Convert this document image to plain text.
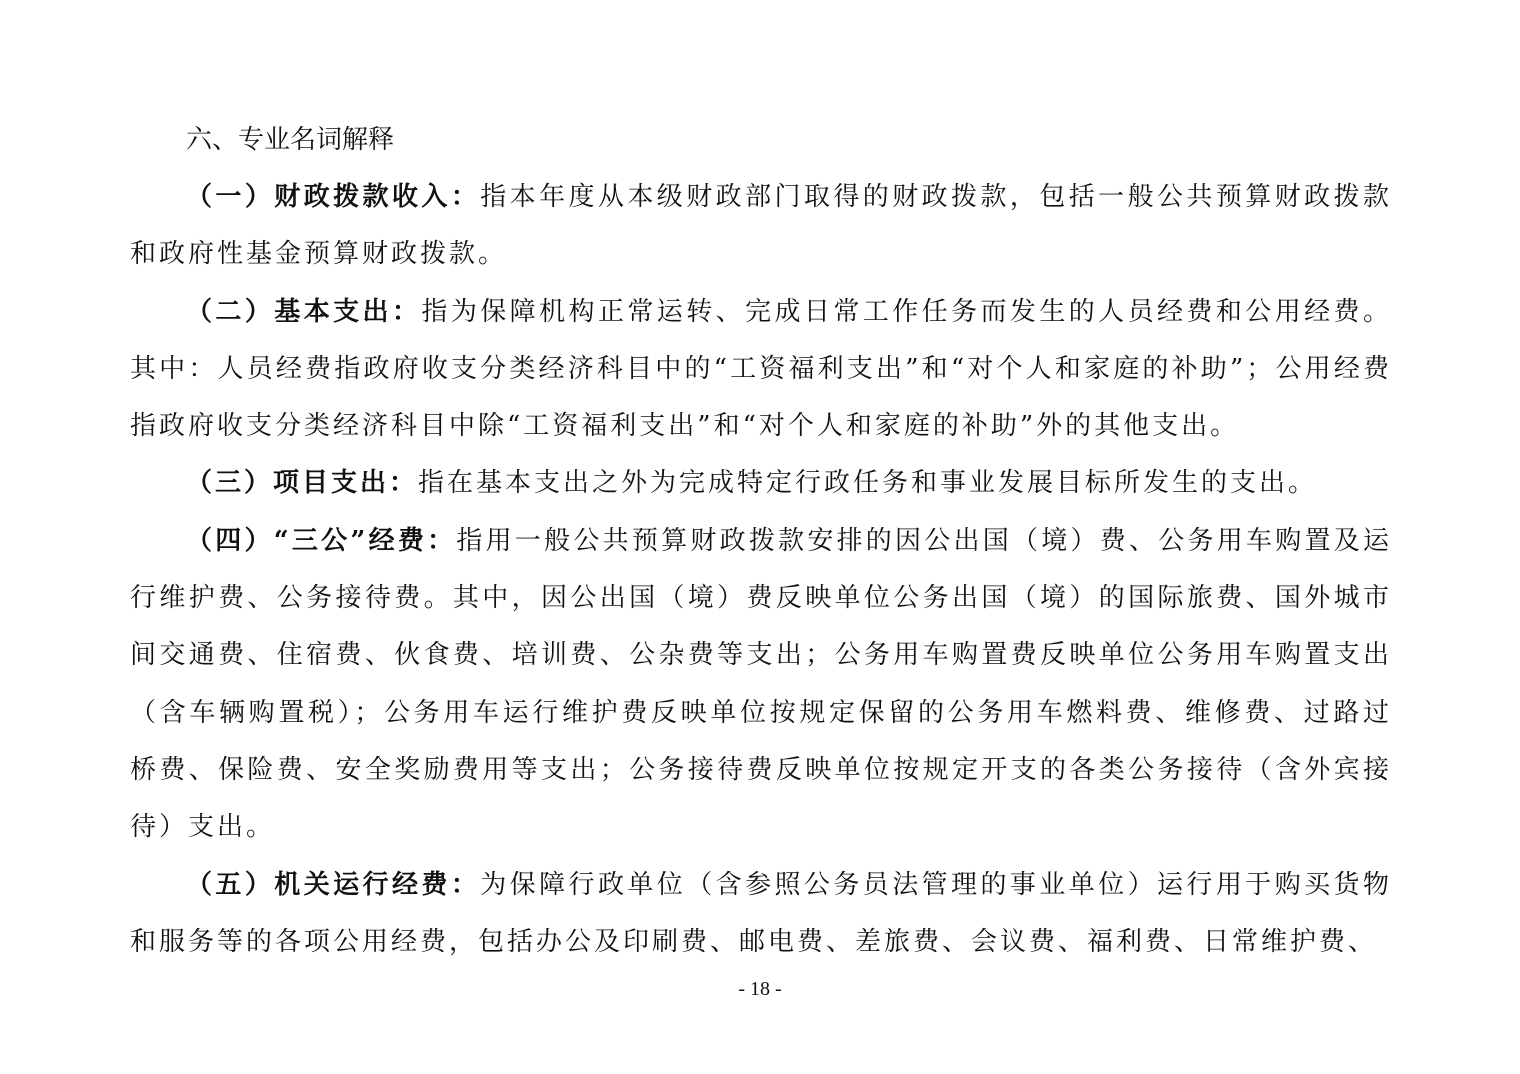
六、专业名词解释

（一）财政拨款收入：指本年度从本级财政部门取得的财政拨款，包括一般公共预算财政拨款和政府性基金预算财政拨款。

（二）基本支出：指为保障机构正常运转、完成日常工作任务而发生的人员经费和公用经费。其中：人员经费指政府收支分类经济科目中的“工资福利支出”和“对个人和家庭的补助”；公用经费指政府收支分类经济科目中除“工资福利支出”和“对个人和家庭的补助”外的其他支出。

（三）项目支出：指在基本支出之外为完成特定行政任务和事业发展目标所发生的支出。

（四）“三公”经费：指用一般公共预算财政拨款安排的因公出国（境）费、公务用车购置及运行维护费、公务接待费。其中，因公出国（境）费反映单位公务出国（境）的国际旅费、国外城市间交通费、住宿费、伙食费、培训费、公杂费等支出；公务用车购置费反映单位公务用车购置支出（含车辆购置税）；公务用车运行维护费反映单位按规定保留的公务用车燃料费、维修费、过路过桥费、保险费、安全奖励费用等支出；公务接待费反映单位按规定开支的各类公务接待（含外宾接待）支出。

（五）机关运行经费：为保障行政单位（含参照公务员法管理的事业单位）运行用于购买货物和服务等的各项公用经费，包括办公及印刷费、邮电费、差旅费、会议费、福利费、日常维护费、

- 18 -
